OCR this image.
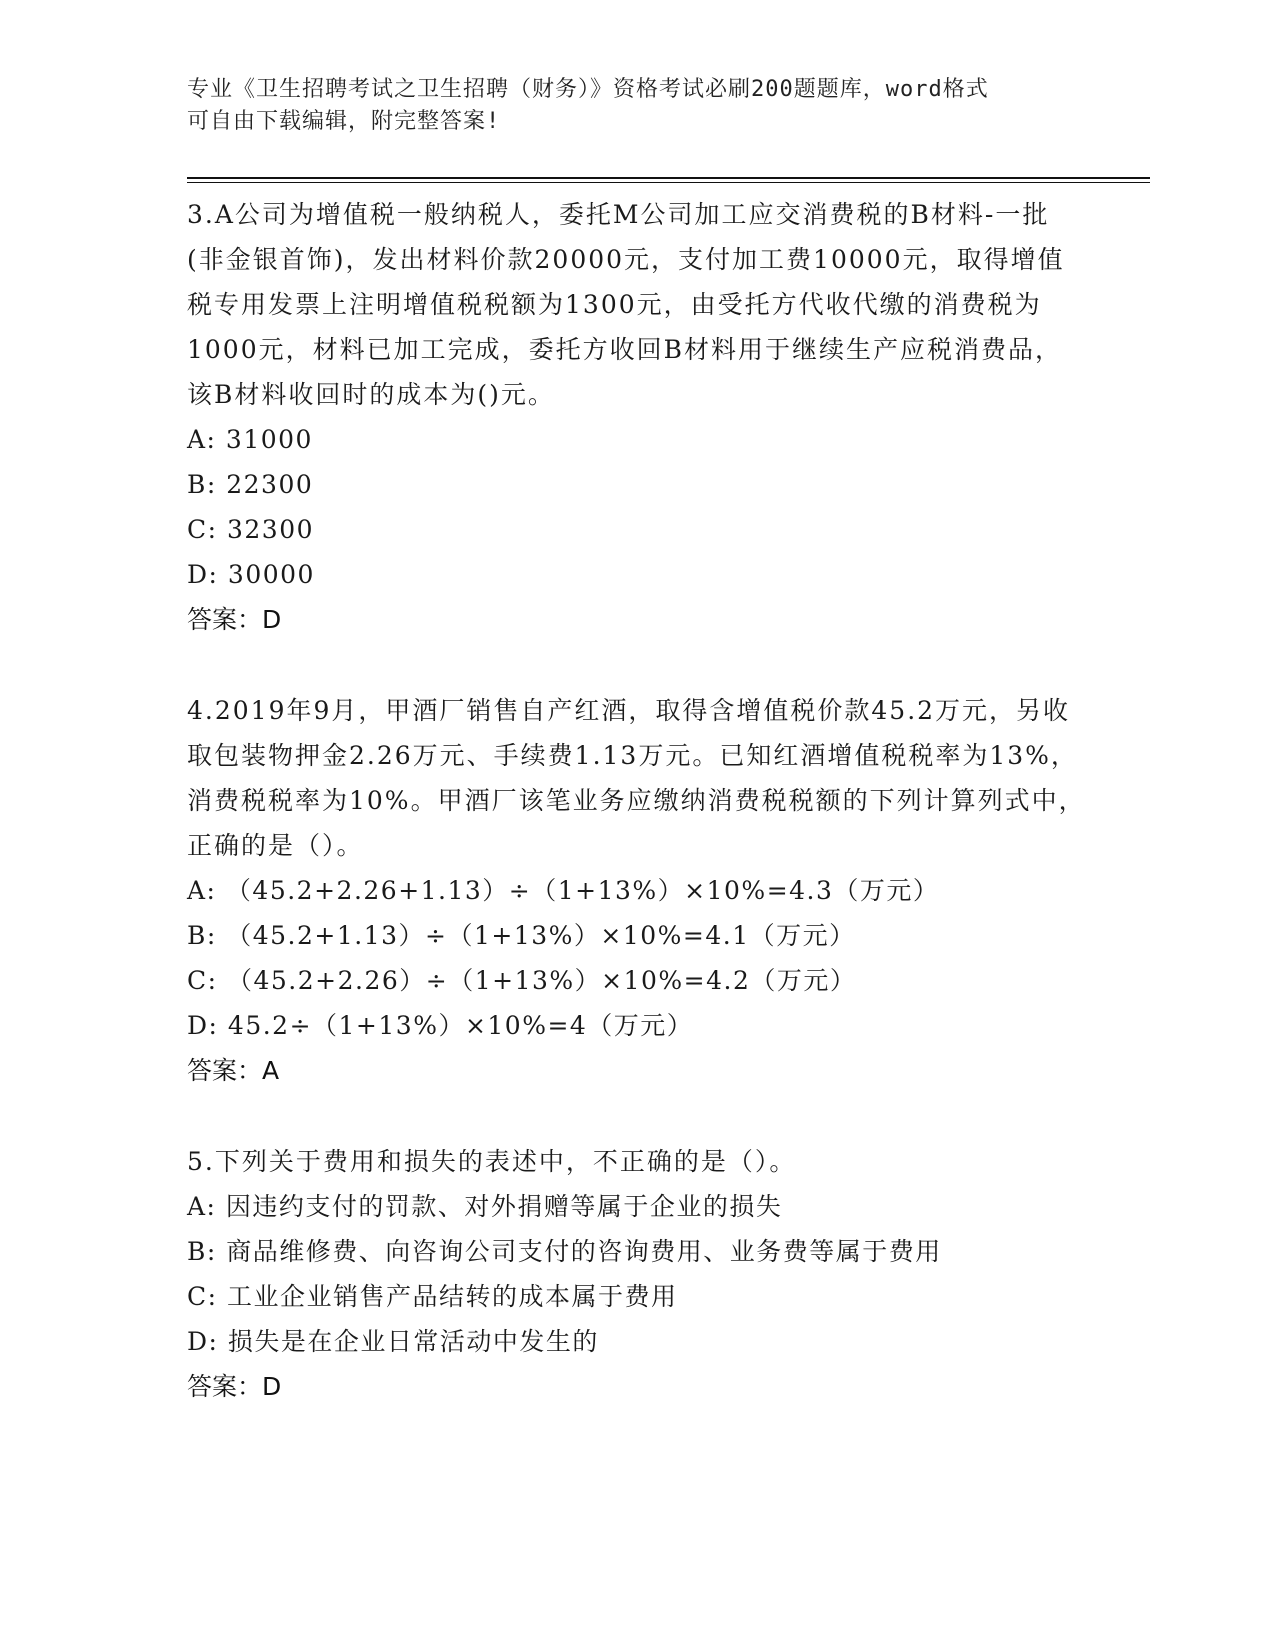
专业《卫生招聘考试之卫生招聘（财务）》资格考试必刷200题题库，word格式
可自由下载编辑，附完整答案!
3.A公司为增值税一般纳税人，委托M公司加工应交消费税的B材料-一批(非金银首饰)，发出材料价款20000元，支付加工费10000元，取得增值税专用发票上注明增值税税额为1300元，由受托方代收代缴的消费税为1000元，材料已加工完成，委托方收回B材料用于继续生产应税消费品，该B材料收回时的成本为()元。
A: 31000
B: 22300
C: 32300
D: 30000
答案：D
4.2019年9月，甲酒厂销售自产红酒，取得含增值税价款45.2万元，另收取包装物押金2.26万元、手续费1.13万元。已知红酒增值税税率为13%，消费税税率为10%。甲酒厂该笔业务应缴纳消费税税额的下列计算列式中，正确的是（）。
A: （45.2+2.26+1.13）÷（1+13%）×10%=4.3（万元）
B: （45.2+1.13）÷（1+13%）×10%=4.1（万元）
C: （45.2+2.26）÷（1+13%）×10%=4.2（万元）
D: 45.2÷（1+13%）×10%=4（万元）
答案：A
5.下列关于费用和损失的表述中，不正确的是（）。
A: 因违约支付的罚款、对外捐赠等属于企业的损失
B: 商品维修费、向咨询公司支付的咨询费用、业务费等属于费用
C: 工业企业销售产品结转的成本属于费用
D: 损失是在企业日常活动中发生的
答案：D
